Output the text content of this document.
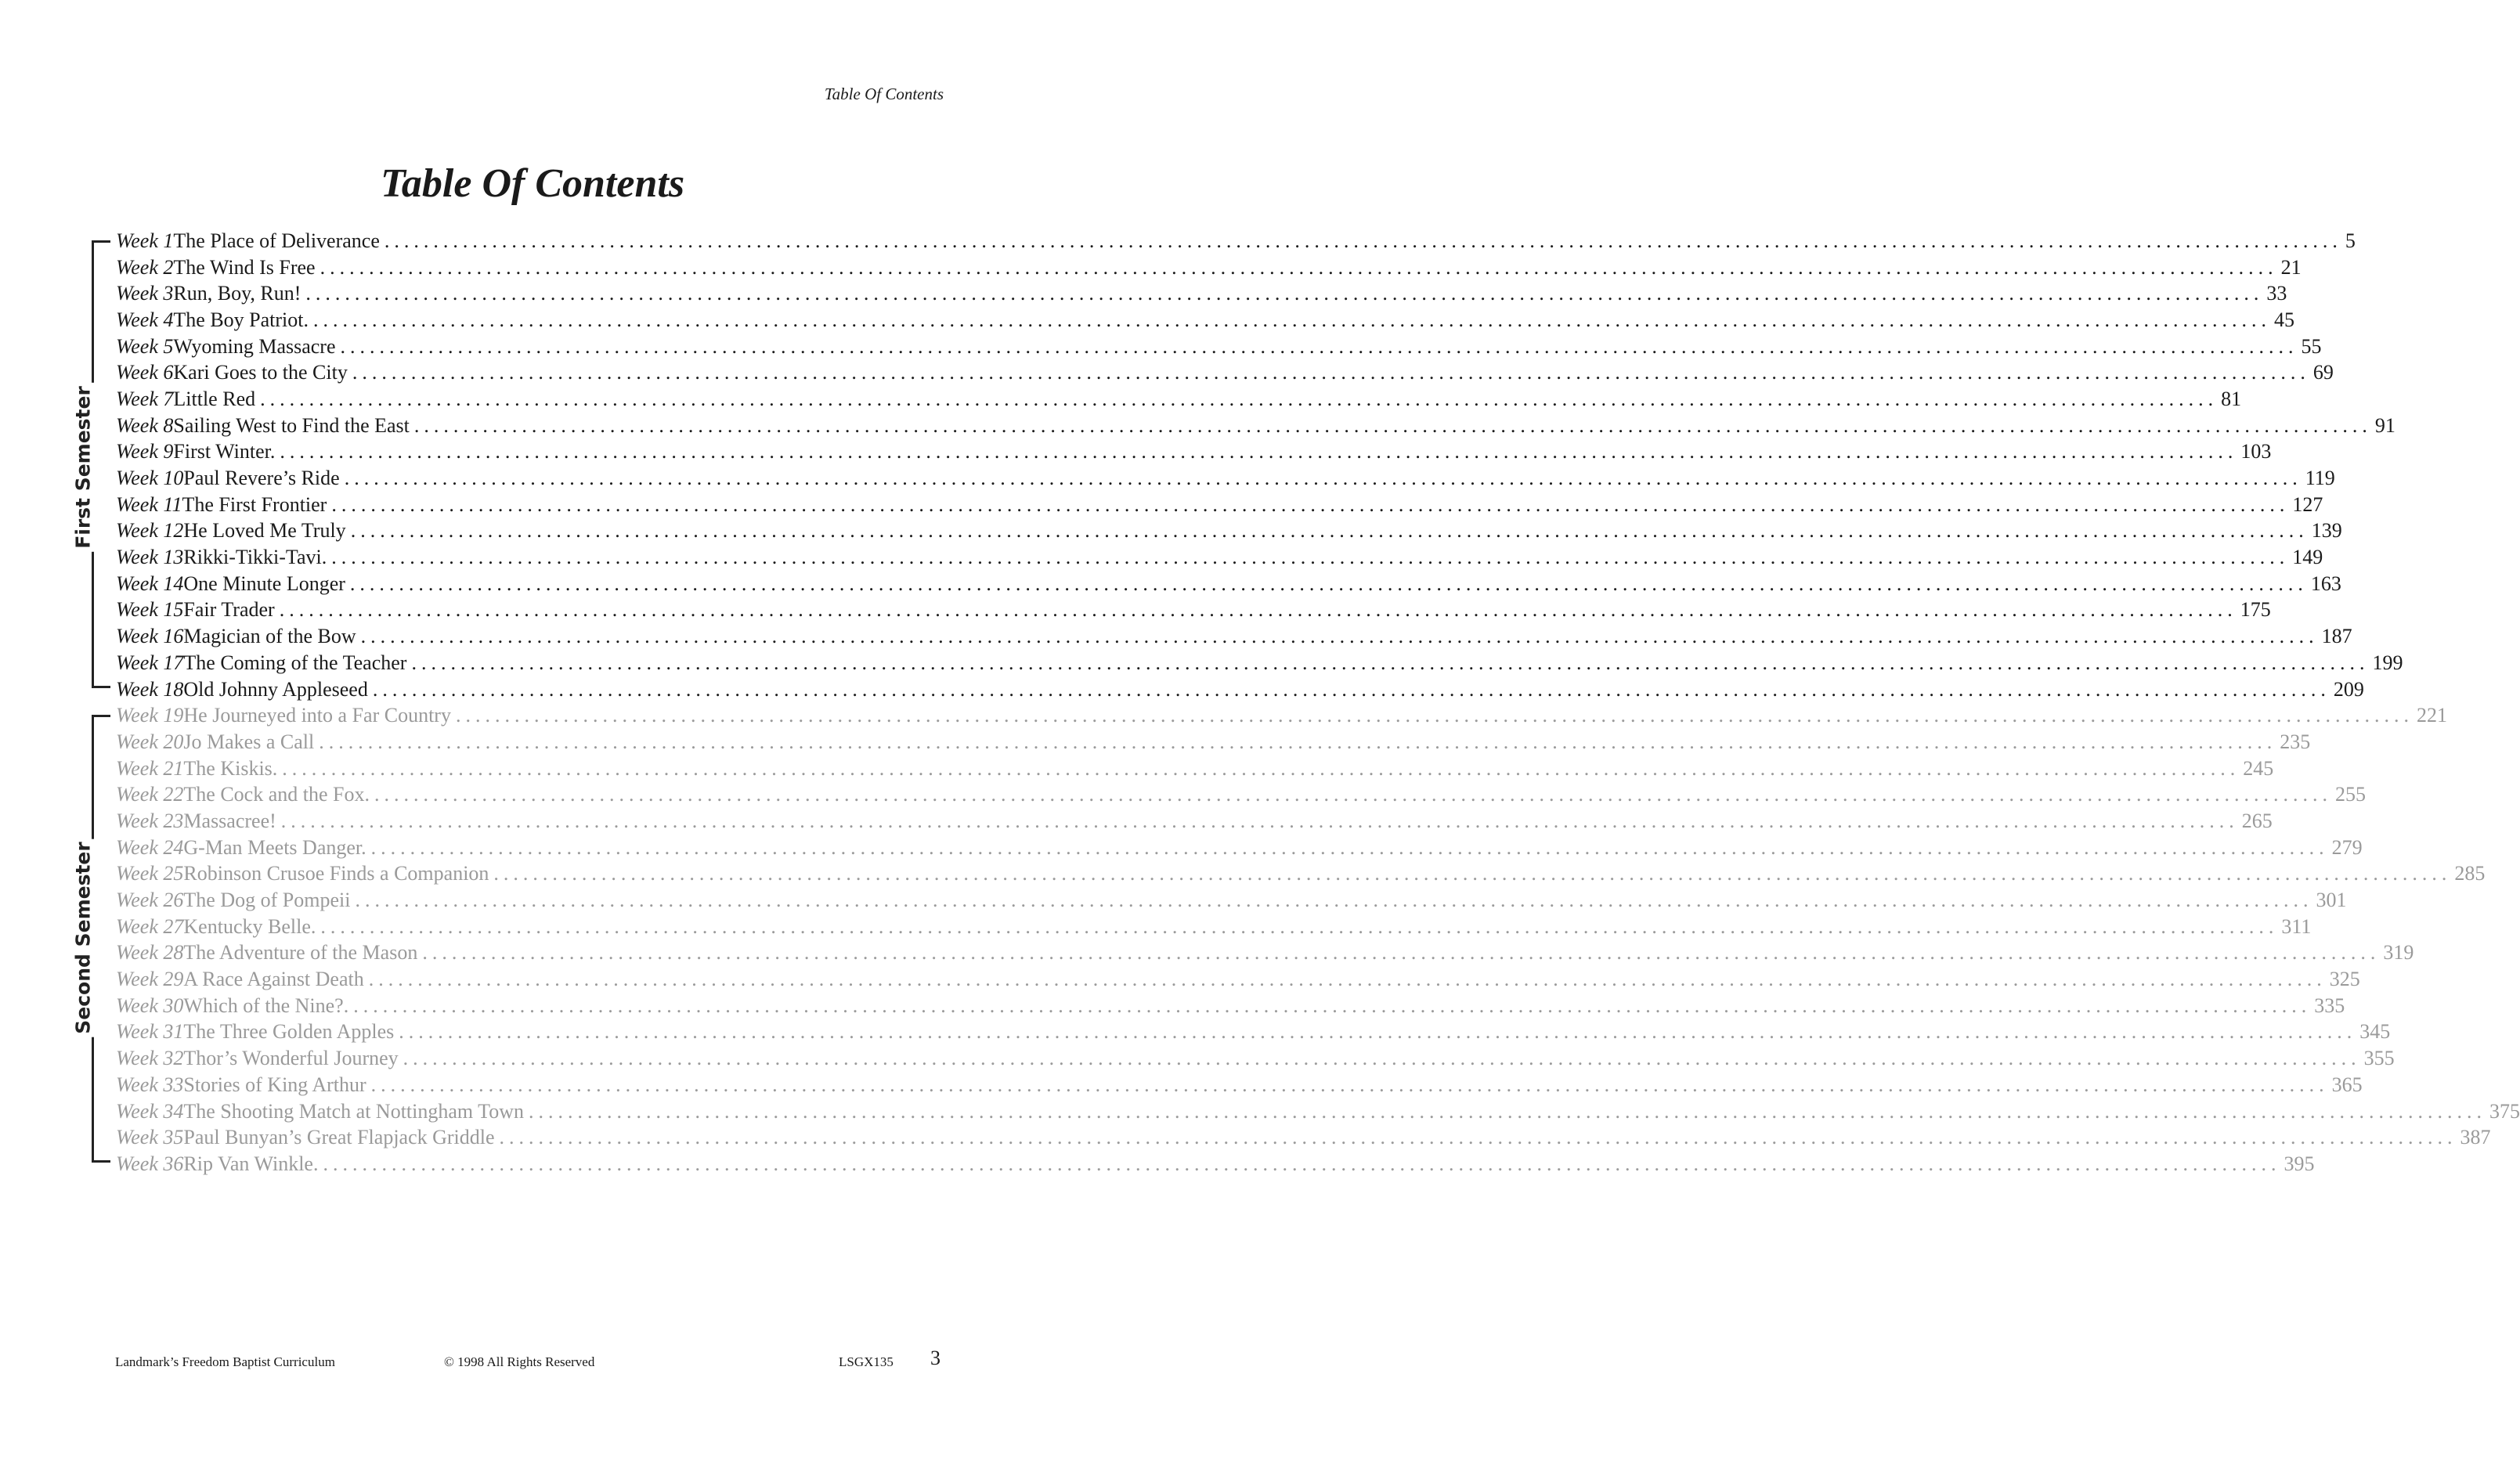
Table Of Contents
Table Of Contents
First Semester
Second Semester
Week 1 The Place of Deliverance ........................................................................................................................................................................................................ 5
Week 2 The Wind Is Free ........................................................................................................................................................................................................ 21
Week 3 Run, Boy, Run! ........................................................................................................................................................................................................ 33
Week 4 The Boy Patriot. ........................................................................................................................................................................................................ 45
Week 5 Wyoming Massacre ........................................................................................................................................................................................................ 55
Week 6 Kari Goes to the City ........................................................................................................................................................................................................ 69
Week 7 Little Red ........................................................................................................................................................................................................ 81
Week 8 Sailing West to Find the East ........................................................................................................................................................................................................ 91
Week 9 First Winter. ........................................................................................................................................................................................................ 103
Week 10 Paul Revere’s Ride ........................................................................................................................................................................................................ 119
Week 11 The First Frontier ........................................................................................................................................................................................................ 127
Week 12 He Loved Me Truly ........................................................................................................................................................................................................ 139
Week 13 Rikki-Tikki-Tavi. ........................................................................................................................................................................................................ 149
Week 14 One Minute Longer ........................................................................................................................................................................................................ 163
Week 15 Fair Trader ........................................................................................................................................................................................................ 175
Week 16 Magician of the Bow ........................................................................................................................................................................................................ 187
Week 17 The Coming of the Teacher ........................................................................................................................................................................................................ 199
Week 18 Old Johnny Appleseed ........................................................................................................................................................................................................ 209
Week 19 He Journeyed into a Far Country ........................................................................................................................................................................................................ 221
Week 20 Jo Makes a Call ........................................................................................................................................................................................................ 235
Week 21 The Kiskis. ........................................................................................................................................................................................................ 245
Week 22 The Cock and the Fox. ........................................................................................................................................................................................................ 255
Week 23 Massacree! ........................................................................................................................................................................................................ 265
Week 24 G-Man Meets Danger. ........................................................................................................................................................................................................ 279
Week 25 Robinson Crusoe Finds a Companion ........................................................................................................................................................................................................ 285
Week 26 The Dog of Pompeii ........................................................................................................................................................................................................ 301
Week 27 Kentucky Belle. ........................................................................................................................................................................................................ 311
Week 28 The Adventure of the Mason ........................................................................................................................................................................................................ 319
Week 29 A Race Against Death ........................................................................................................................................................................................................ 325
Week 30 Which of the Nine?. ........................................................................................................................................................................................................ 335
Week 31 The Three Golden Apples ........................................................................................................................................................................................................ 345
Week 32 Thor’s Wonderful Journey ........................................................................................................................................................................................................ 355
Week 33 Stories of King Arthur ........................................................................................................................................................................................................ 365
Week 34 The Shooting Match at Nottingham Town ........................................................................................................................................................................................................ 375
Week 35 Paul Bunyan’s Great Flapjack Griddle ........................................................................................................................................................................................................ 387
Week 36 Rip Van Winkle. ........................................................................................................................................................................................................ 395
Landmark’s Freedom Baptist Curriculum	© 1998 All Rights Reserved	LSGX135 3
